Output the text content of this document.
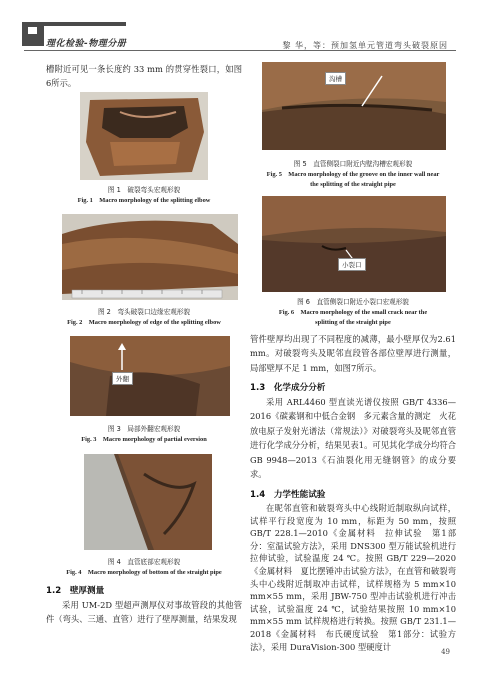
理化检验-物理分册	黎 华，等：预加氢单元管道弯头破裂原因
槽附近可见一条长度约 33 mm 的贯穿性裂口，如图6所示。
图 1　破裂弯头宏观形貌
Fig. 1　Macro morphology of the splitting elbow
图 2　弯头破裂口边缘宏观形貌
Fig. 2　Macro morphology of edge of the splitting elbow
外翻
图 3　局部外翻宏观形貌
Fig. 3　Macro morphology of partial eversion
图 4　直管底部宏观形貌
Fig. 4　Macro morphology of bottom of the straight pipe
1.2　壁厚测量
采用 UM-2D 型超声测厚仪对事故管段的其他管件（弯头、三通、直管）进行了壁厚测量，结果发现
沟槽
图 5　直管侧裂口附近内壁沟槽宏观形貌
Fig. 5　Macro morphology of the groove on the inner wall near
the splitting of the straight pipe
小裂口
图 6　直管侧裂口附近小裂口宏观形貌
Fig. 6　Macro morphology of the small crack near the
splitting of the straight pipe
管件壁厚均出现了不同程度的减薄，最小壁厚仅为2.61 mm。对破裂弯头及昵邻直段管各部位壁厚进行测量，局部壁厚不足 1 mm，如图7所示。
1.3　化学成分分析
采用 ARL4460 型直读光谱仪按照 GB/T 4336—2016《碳素钢和中低合金钢　多元素含量的测定　火花放电原子发射光谱法（常规法）》对破裂弯头及昵邻直管进行化学成分分析，结果见表1。可见其化学成分均符合 GB 9948—2013《石油裂化用无缝钢管》的成分要求。
1.4　力学性能试验
在昵邻直管和破裂弯头中心线附近制取纵向试样，试样平行段宽度为 10 mm，标距为 50 mm，按照 GB/T 228.1—2010《金属材料　拉伸试验　第1部分：室温试验方法》，采用 DNS300 型万能试验机进行拉伸试验，试验温度 24 ℃。按照 GB/T 229—2020《金属材料　夏比摆锤冲击试验方法》，在直管和破裂弯头中心线附近制取冲击试样，试样规格为 5 mm×10 mm×55 mm，采用 JBW-750 型冲击试验机进行冲击试验，试验温度 24 ℃，试验结果按照 10 mm×10 mm×55 mm 试样规格进行转换。按照 GB/T 231.1—2018《金属材料　布氏硬度试验　第1部分：试验方法》，采用 DuraVision-300 型硬度计
49
